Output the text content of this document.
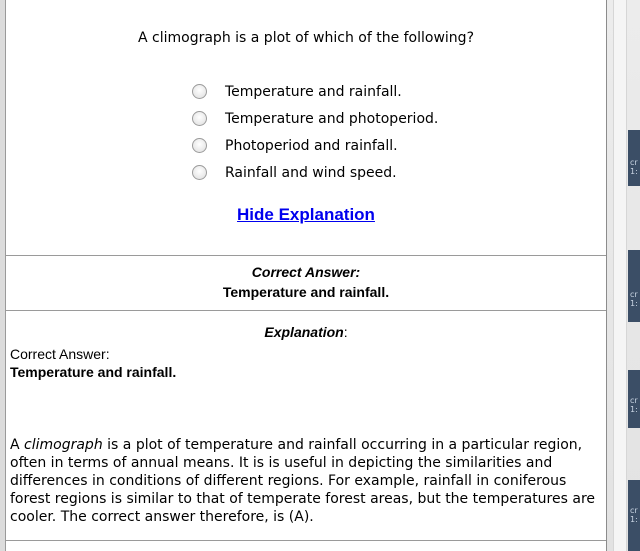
A climograph is a plot of which of the following?
Temperature and rainfall.
Temperature and photoperiod.
Photoperiod and rainfall.
Rainfall and wind speed.
Hide Explanation
Correct Answer:
Temperature and rainfall.
Explanation:
Correct Answer:
Temperature and rainfall.
A climograph is a plot of temperature and rainfall occurring in a particular region, often in terms of annual means. It is is useful in depicting the similarities and differences in conditions of different regions. For example, rainfall in coniferous forest regions is similar to that of temperate forest areas, but the temperatures are cooler. The correct answer therefore, is (A).
cr
1:
cr
1:
cr
1:
cr
1:
